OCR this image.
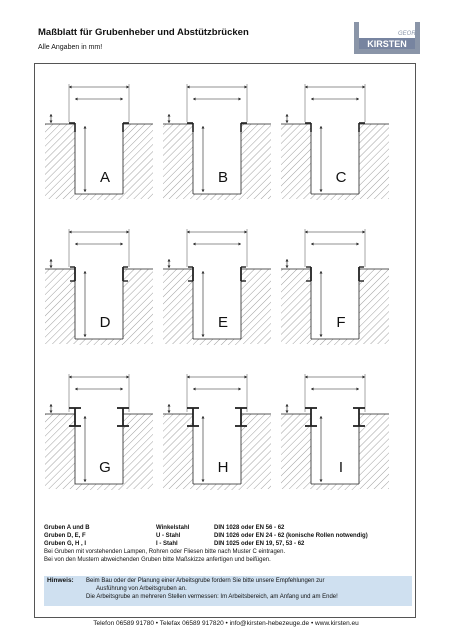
Maßblatt für Grubenheber und Abstützbrücken
Alle Angaben in mm!
GEORG
KIRSTEN
A	B	C
D	E	F
G	H	I
Gruben A und B	Winkelstahl	DIN 1028 oder EN 56 - 62
Gruben D, E, F	U - Stahl	DIN 1026 oder EN 24 - 62 (konische Rollen notwendig)
Gruben G, H , I	I - Stahl	DIN 1025 oder EN 19, 57, 53 - 62
Bei Gruben mit vorstehenden Lampen, Rohren oder Fliesen bitte nach Muster C eintragen.
Bei von den Mustern abweichenden Gruben bitte Maßskizze anfertigen und beifügen.
Hinweis: Beim Bau oder der Planung einer Arbeitsgrube fordern Sie bitte unsere Empfehlungen zur
Ausführung von Arbeitsgruben an.
Die Arbeitsgrube an mehreren Stellen vermessen: Im Arbeitsbereich, am Anfang und am Ende!
Telefon 06589 91780 • Telefax 06589 917820 • info@kirsten-hebezeuge.de • www.kirsten.eu
